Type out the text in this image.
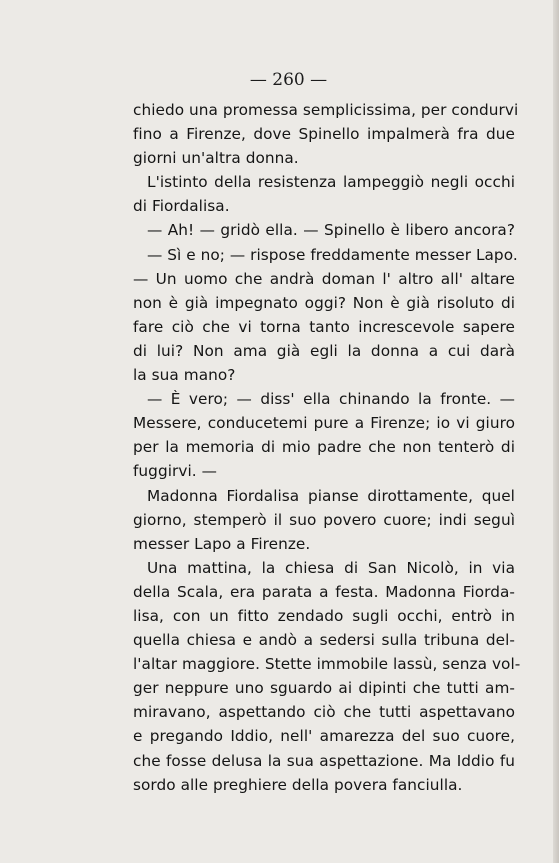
— 260 —
chiedo una promessa semplicissima, per condurvi
fino a Firenze, dove Spinello impalmerà fra due
giorni un'altra donna.
L'istinto della resistenza lampeggiò negli occhi
di Fiordalisa.
— Ah! — gridò ella. — Spinello è libero ancora?
— Sì e no; — rispose freddamente messer Lapo.
— Un uomo che andrà doman l' altro all' altare
non è già impegnato oggi? Non è già risoluto di
fare ciò che vi torna tanto increscevole sapere
di lui? Non ama già egli la donna a cui darà
la sua mano?
— È vero; — diss' ella chinando la fronte. —
Messere, conducetemi pure a Firenze; io vi giuro
per la memoria di mio padre che non tenterò di
fuggirvi. —
Madonna Fiordalisa pianse dirottamente, quel
giorno, stemperò il suo povero cuore; indi seguì
messer Lapo a Firenze.
Una mattina, la chiesa di San Nicolò, in via
della Scala, era parata a festa. Madonna Fiorda-
lisa, con un fitto zendado sugli occhi, entrò in
quella chiesa e andò a sedersi sulla tribuna del-
l'altar maggiore. Stette immobile lassù, senza vol-
ger neppure uno sguardo ai dipinti che tutti am-
miravano, aspettando ciò che tutti aspettavano
e pregando Iddio, nell' amarezza del suo cuore,
che fosse delusa la sua aspettazione. Ma Iddio fu
sordo alle preghiere della povera fanciulla.
